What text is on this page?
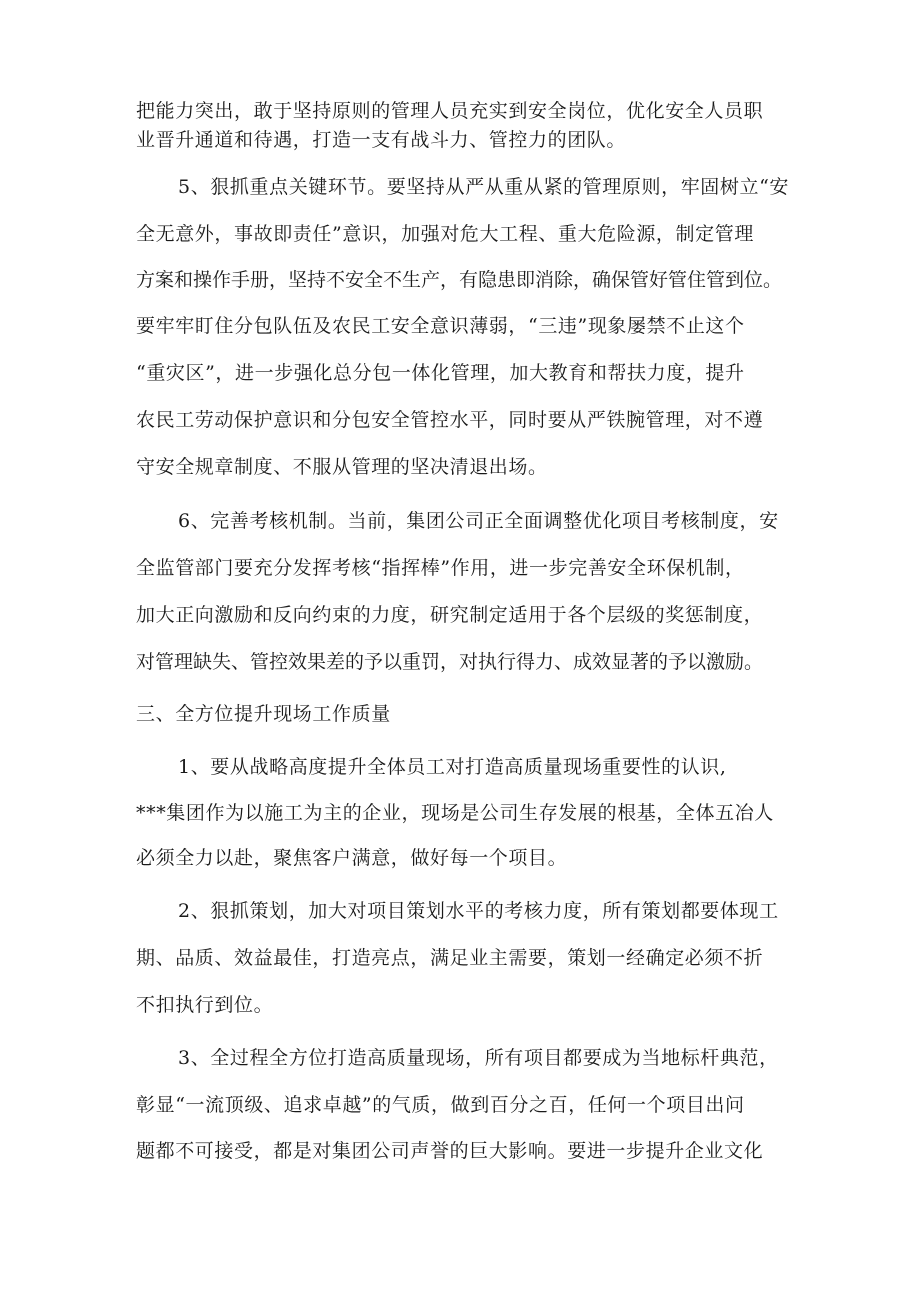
把能力突出，敢于坚持原则的管理人员充实到安全岗位，优化安全人员职
业晋升通道和待遇，打造一支有战斗力、管控力的团队。
5、狠抓重点关键环节。要坚持从严从重从紧的管理原则，牢固树立“安
全无意外，事故即责任”意识，加强对危大工程、重大危险源，制定管理
方案和操作手册，坚持不安全不生产，有隐患即消除，确保管好管住管到位。
要牢牢盯住分包队伍及农民工安全意识薄弱，“三违”现象屡禁不止这个
“重灾区”，进一步强化总分包一体化管理，加大教育和帮扶力度，提升
农民工劳动保护意识和分包安全管控水平，同时要从严铁腕管理，对不遵
守安全规章制度、不服从管理的坚决清退出场。
6、完善考核机制。当前，集团公司正全面调整优化项目考核制度，安
全监管部门要充分发挥考核“指挥棒”作用，进一步完善安全环保机制，
加大正向激励和反向约束的力度，研究制定适用于各个层级的奖惩制度，
对管理缺失、管控效果差的予以重罚，对执行得力、成效显著的予以激励。
三、全方位提升现场工作质量
1、要从战略高度提升全体员工对打造高质量现场重要性的认识,
***集团作为以施工为主的企业，现场是公司生存发展的根基，全体五冶人
必须全力以赴，聚焦客户满意，做好每一个项目。
2、狠抓策划，加大对项目策划水平的考核力度，所有策划都要体现工
期、品质、效益最佳，打造亮点，满足业主需要，策划一经确定必须不折
不扣执行到位。
3、全过程全方位打造高质量现场，所有项目都要成为当地标杆典范，
彰显“一流顶级、追求卓越”的气质，做到百分之百，任何一个项目出问
题都不可接受，都是对集团公司声誉的巨大影响。要进一步提升企业文化
